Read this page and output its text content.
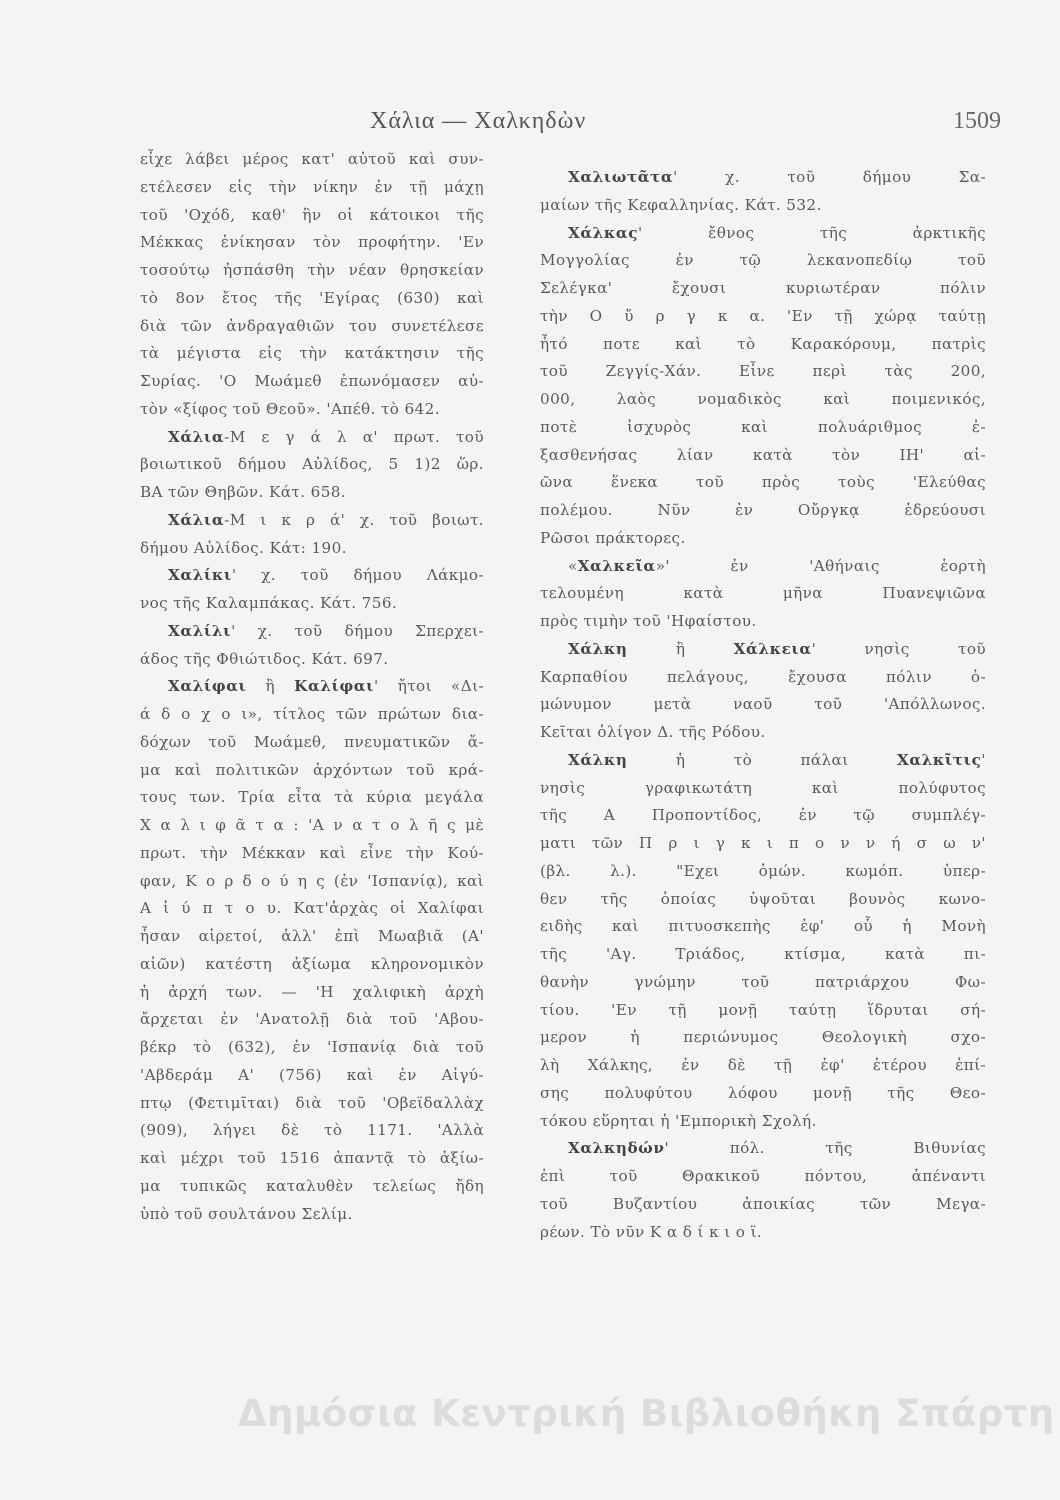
Χάλια — Χαλκηδὼν	1509
εἶχε λάβει μέρος κατ' αὐτοῦ καὶ συν-
ετέλεσεν εἰς τὴν νίκην ἐν τῇ μάχῃ
τοῦ 'Οχόδ, καθ' ἣν οἱ κάτοικοι τῆς
Μέκκας ἐνίκησαν τὸν προφήτην. 'Εν
τοσούτῳ ἠσπάσθη τὴν νέαν θρησκείαν
τὸ 8ον ἔτος τῆς 'Εγίρας (630) καὶ
διὰ τῶν ἀνδραγαθιῶν του συνετέλεσε
τὰ μέγιστα εἰς τὴν κατάκτησιν τῆς
Συρίας. 'Ο Μωάμεθ ἐπωνόμασεν αὐ-
τὸν «ξίφος τοῦ Θεοῦ». 'Απέθ. τὸ 642.
Χάλια-Μ ε γ ά λ α' πρωτ. τοῦ
βοιωτικοῦ δήμου Αὐλίδος, 5 1)2 ὥρ.
ΒΑ τῶν Θηβῶν. Κάτ. 658.
Χάλια-Μ ι κ ρ ά' χ. τοῦ βοιωτ.
δήμου Αὐλίδος. Κάτ: 190.
Χαλίκι' χ. τοῦ δήμου Λάκμο-
νος τῆς Καλαμπάκας. Κάτ. 756.
Χαλίλι' χ. τοῦ δήμου Σπερχει-
άδος τῆς Φθιώτιδος. Κάτ. 697.
Χαλίφαι ἢ Καλίφαι' ἤτοι «Δι-
ά δ ο χ ο ι», τίτλος τῶν πρώτων δια-
δόχων τοῦ Μωάμεθ, πνευματικῶν ἄ-
μα καὶ πολιτικῶν ἀρχόντων τοῦ κρά-
τους των. Τρία εἶτα τὰ κύρια μεγάλα
Χ α λ ι φ ᾶ τ α : 'Α ν α τ ο λ ῆ ς μὲ
πρωτ. τὴν Μέκκαν καὶ εἶνε τὴν Κού-
φαν, Κ ο ρ δ ο ύ η ς (ἐν 'Ισπανίᾳ), καὶ
Α ἰ ύ π τ ο υ. Κατ'ἀρχὰς οἱ Χαλίφαι
ἦσαν αἱρετοί, ἀλλ' ἐπὶ Μωαβιᾶ (Α'
αἰῶν) κατέστη ἀξίωμα κληρονομικὸν
ἡ ἀρχή των. — 'Η χαλιφικὴ ἀρχὴ
ἄρχεται ἐν 'Ανατολῇ διὰ τοῦ 'Αβου-
βέκρ τὸ (632), ἐν 'Ισπανίᾳ διὰ τοῦ
'Αβδεράμ Α' (756) καὶ ἐν Αἰγύ-
πτῳ (Φετιμῖται) διὰ τοῦ 'Οβεϊδαλλὰχ
(909), λήγει δὲ τὸ 1171. 'Αλλὰ
καὶ μέχρι τοῦ 1516 ἀπαντᾷ τὸ ἀξίω-
μα τυπικῶς καταλυθὲν τελείως ἤδη
ὑπὸ τοῦ σουλτάνου Σελίμ.
Χαλιωτᾶτα' χ. τοῦ δήμου Σα-
μαίων τῆς Κεφαλληνίας. Κάτ. 532.
Χάλκας' ἔθνος τῆς ἀρκτικῆς
Μογγολίας ἐν τῷ λεκανοπεδίῳ τοῦ
Σελέγκα' ἔχουσι κυριωτέραν πόλιν
τὴν Ο ὔ ρ γ κ α. 'Εν τῇ χώρᾳ ταύτῃ
ἦτό ποτε καὶ τὸ Καρακόρουμ, πατρὶς
τοῦ Ζεγγίς-Χάν. Εἶνε περὶ τὰς 200,
000, λαὸς νομαδικὸς καὶ ποιμενικός,
ποτὲ ἰσχυρὸς καὶ πολυάριθμος ἐ-
ξασθενήσας λίαν κατὰ τὸν ΙΗ' αἰ-
ῶνα ἕνεκα τοῦ πρὸς τοὺς 'Ελεύθας
πολέμου. Νῦν ἐν Οὔργκᾳ ἑδρεύουσι
Ρῶσοι πράκτορες.
«Χαλκεῖα»' ἐν 'Αθήναις ἑορτὴ
τελουμένη κατὰ μῆνα Πυανεψιῶνα
πρὸς τιμὴν τοῦ 'Ηφαίστου.
Χάλκη ἢ Χάλκεια' νησὶς τοῦ
Καρπαθίου πελάγους, ἔχουσα πόλιν ὁ-
μώνυμον μετὰ ναοῦ τοῦ 'Απόλλωνος.
Κεῖται ὀλίγον Δ. τῆς Ρόδου.
Χάλκη ἡ τὸ πάλαι Χαλκῖτις'
νησὶς γραφικωτάτη καὶ πολύφυτος
τῆς Α Προποντίδος, ἐν τῷ συμπλέγ-
ματι τῶν Π ρ ι γ κ ι π ο ν ν ή σ ω ν'
(βλ. λ.). "Εχει ὁμών. κωμόπ. ὑπερ-
θεν τῆς ὁποίας ὑψοῦται βουνὸς κωνο-
ειδὴς καὶ πιτυοσκεπὴς ἐφ' οὗ ἡ Μονὴ
τῆς 'Αγ. Τριάδος, κτίσμα, κατὰ πι-
θανὴν γνώμην τοῦ πατριάρχου Φω-
τίου. 'Εν τῇ μονῇ ταύτῃ ἵδρυται σή-
μερον ἡ περιώνυμος Θεολογικὴ σχο-
λὴ Χάλκης, ἐν δὲ τῇ ἐφ' ἑτέρου ἐπί-
σης πολυφύτου λόφου μονῇ τῆς Θεο-
τόκου εὕρηται ἡ 'Εμπορικὴ Σχολή.
Χαλκηδών' πόλ. τῆς Βιθυνίας
ἐπὶ τοῦ Θρακικοῦ πόντου, ἀπέναντι
τοῦ Βυζαντίου ἀποικίας τῶν Μεγα-
ρέων. Τὸ νῦν Κ α δ ί κ ι ο ϊ.
Δημόσια Κεντρική Βιβλιοθήκη Σπάρτη
